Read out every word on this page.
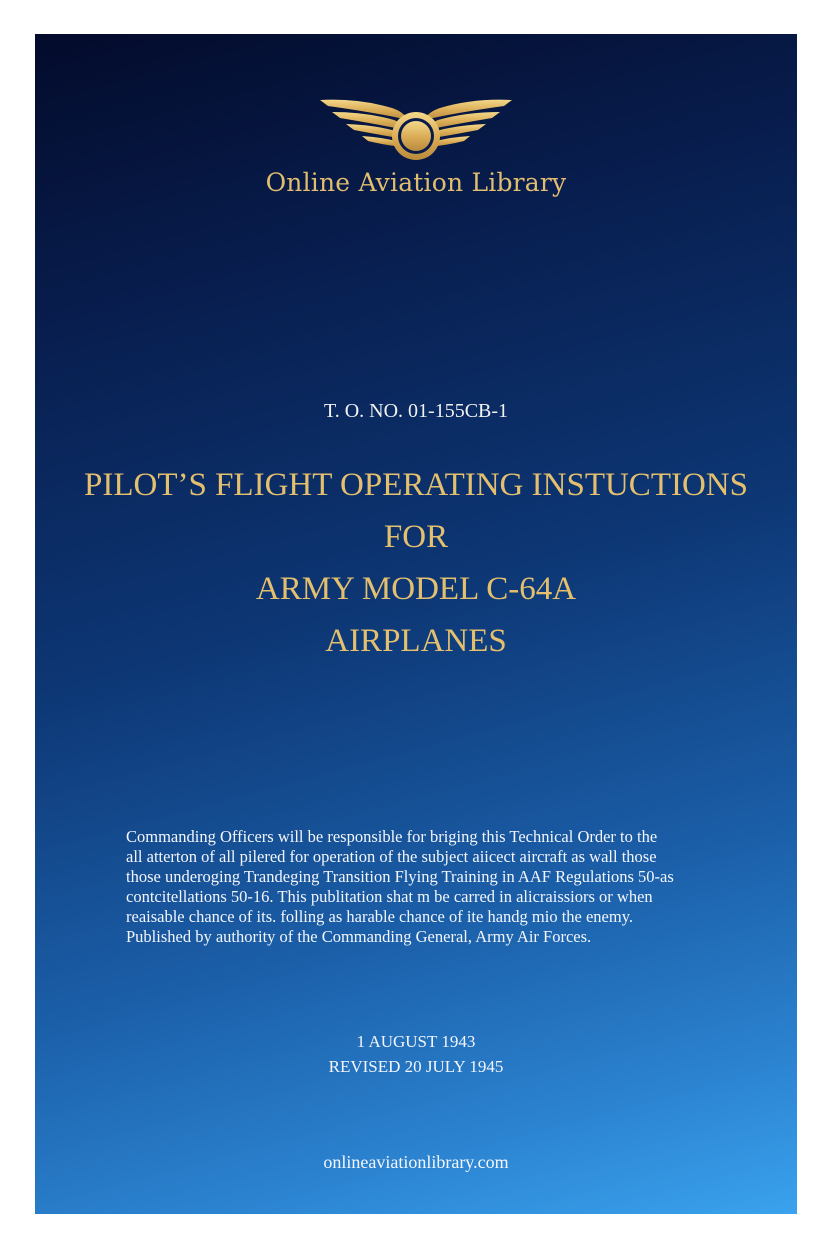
Online Aviation Library
T. O. NO. 01-155CB-1
PILOT’S FLIGHT OPERATING INSTUCTIONS
FOR
ARMY MODEL C-64A
AIRPLANES
Commanding Officers will be responsible for briging this Technical Order to the
all atterton of all pilered for operation of the subject aiicect aircraft as wall those
those underoging Trandeging Transition Flying Training in AAF Regulations 50-as
contcitellations 50-16. This publitation shat m be carred in alicraissiors or when
reaisable chance of its. folling as harable chance of ite handg mio the enemy.
Published by authority of the Commanding General, Army Air Forces.
1 AUGUST 1943
REVISED 20 JULY 1945
onlineaviationlibrary.com
